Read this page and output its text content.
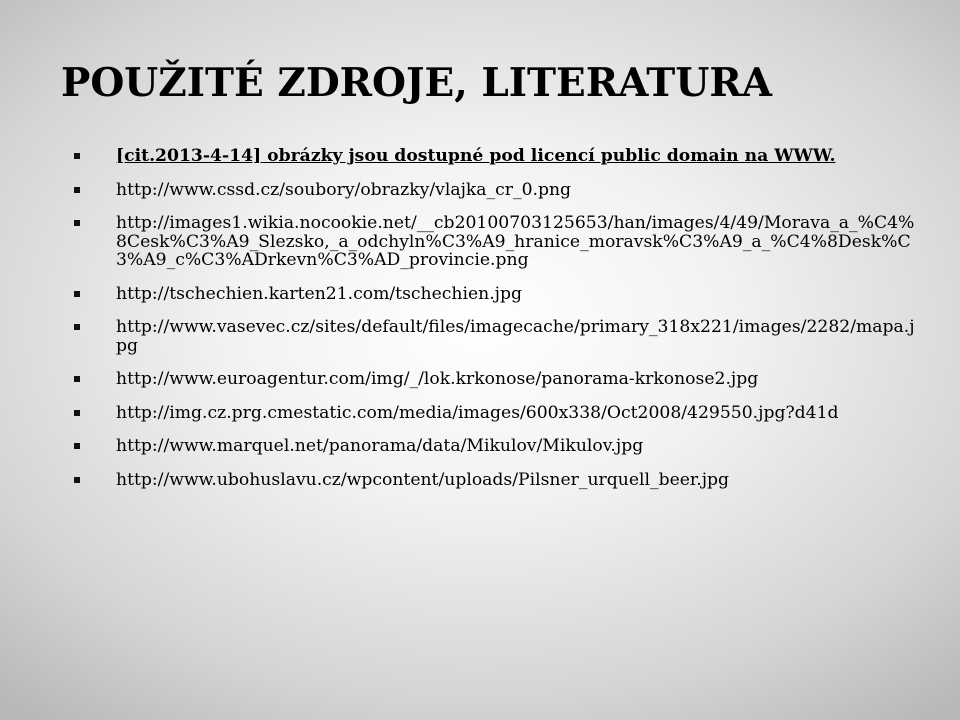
POUŽITÉ ZDROJE, LITERATURA
[cit.2013-4-14] obrázky jsou dostupné pod licencí public domain na WWW.
http://www.cssd.cz/soubory/obrazky/vlajka_cr_0.png
http://images1.wikia.nocookie.net/__cb20100703125653/han/images/4/49/Morava_a_%C4%8Cesk%C3%A9_Slezsko,_a_odchyln%C3%A9_hranice_moravsk%C3%A9_a_%C4%8Desk%C3%A9_c%C3%ADrkevn%C3%AD_provincie.png
http://tschechien.karten21.com/tschechien.jpg
http://www.vasevec.cz/sites/default/files/imagecache/primary_318x221/images/2282/mapa.jpg
http://www.euroagentur.com/img/_/lok.krkonose/panorama-krkonose2.jpg
http://img.cz.prg.cmestatic.com/media/images/600x338/Oct2008/429550.jpg?d41d
http://www.marquel.net/panorama/data/Mikulov/Mikulov.jpg
http://www.ubohuslavu.cz/wpcontent/uploads/Pilsner_urquell_beer.jpg
